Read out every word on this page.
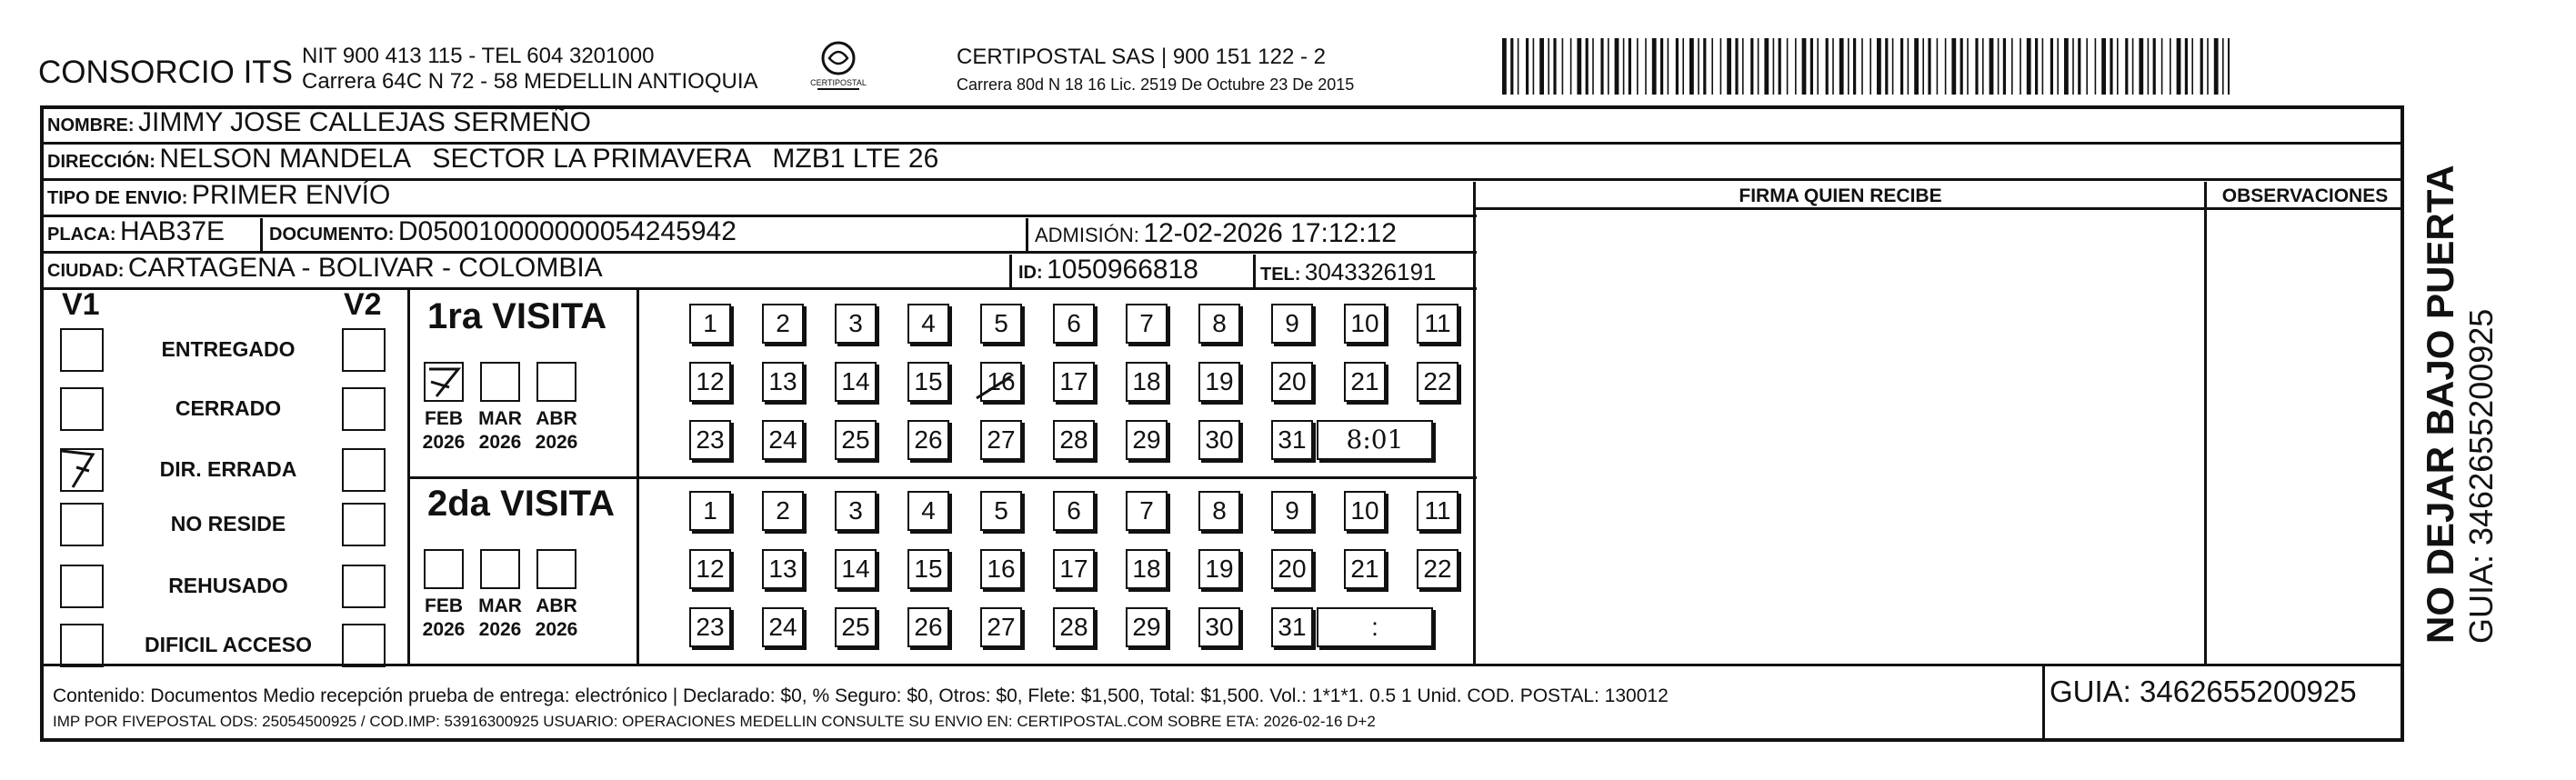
CONSORCIO ITS NIT 900 413 115 - TEL 604 3201000
Carrera 64C N 72 - 58 MEDELLIN ANTIOQUIA	CERTIPOSTAL
CERTIPOSTAL SAS | 900 151 122 - 2
Carrera 80d N 18 16 Lic. 2519 De Octubre 23 De 2015
NOMBRE: JIMMY JOSE CALLEJAS SERMEÑO
DIRECCIÓN: NELSON MANDELA   SECTOR LA PRIMAVERA   MZB1 LTE 26
TIPO DE ENVIO: PRIMER ENVÍO	FIRMA QUIEN RECIBE	OBSERVACIONES
PLACA: HAB37E DOCUMENTO: D050010000000054245942	ADMISIÓN: 12-02-2026 17:12:12
CIUDAD: CARTAGENA - BOLIVAR - COLOMBIA	ID: 1050966818	TEL: 3043326191
V1	V2
ENTREGADO
CERRADO
DIR. ERRADA
NO RESIDE
REHUSADO
DIFICIL ACCESO
1ra VISITA
FEB
2026
MAR
2026
ABR
2026
1	2	3	4	5	6	7	8	9	10	11
12 13 14 15 16 17 18 19 20 21 22
23 24 25 26 27 28 29 30 31	8:01
2da VISITA
FEB
2026
MAR
2026
ABR
2026
1	2	3	4	5	6	7	8	9	10	11
12 13 14 15 16 17 18 19 20 21 22
23 24 25 26 27 28 29 30 31	:
Contenido: Documentos Medio recepción prueba de entrega: electrónico | Declarado: $0, % Seguro: $0, Otros: $0, Flete: $1,500, Total: $1,500. Vol.: 1*1*1. 0.5 1 Unid. COD. POSTAL: 130012
IMP POR FIVEPOSTAL ODS: 25054500925 / COD.IMP: 53916300925 USUARIO: OPERACIONES MEDELLIN CONSULTE SU ENVIO EN: CERTIPOSTAL.COM SOBRE ETA: 2026-02-16 D+2
GUIA: 3462655200925
NO DEJAR BAJO PUERTA GUIA: 3462655200925
